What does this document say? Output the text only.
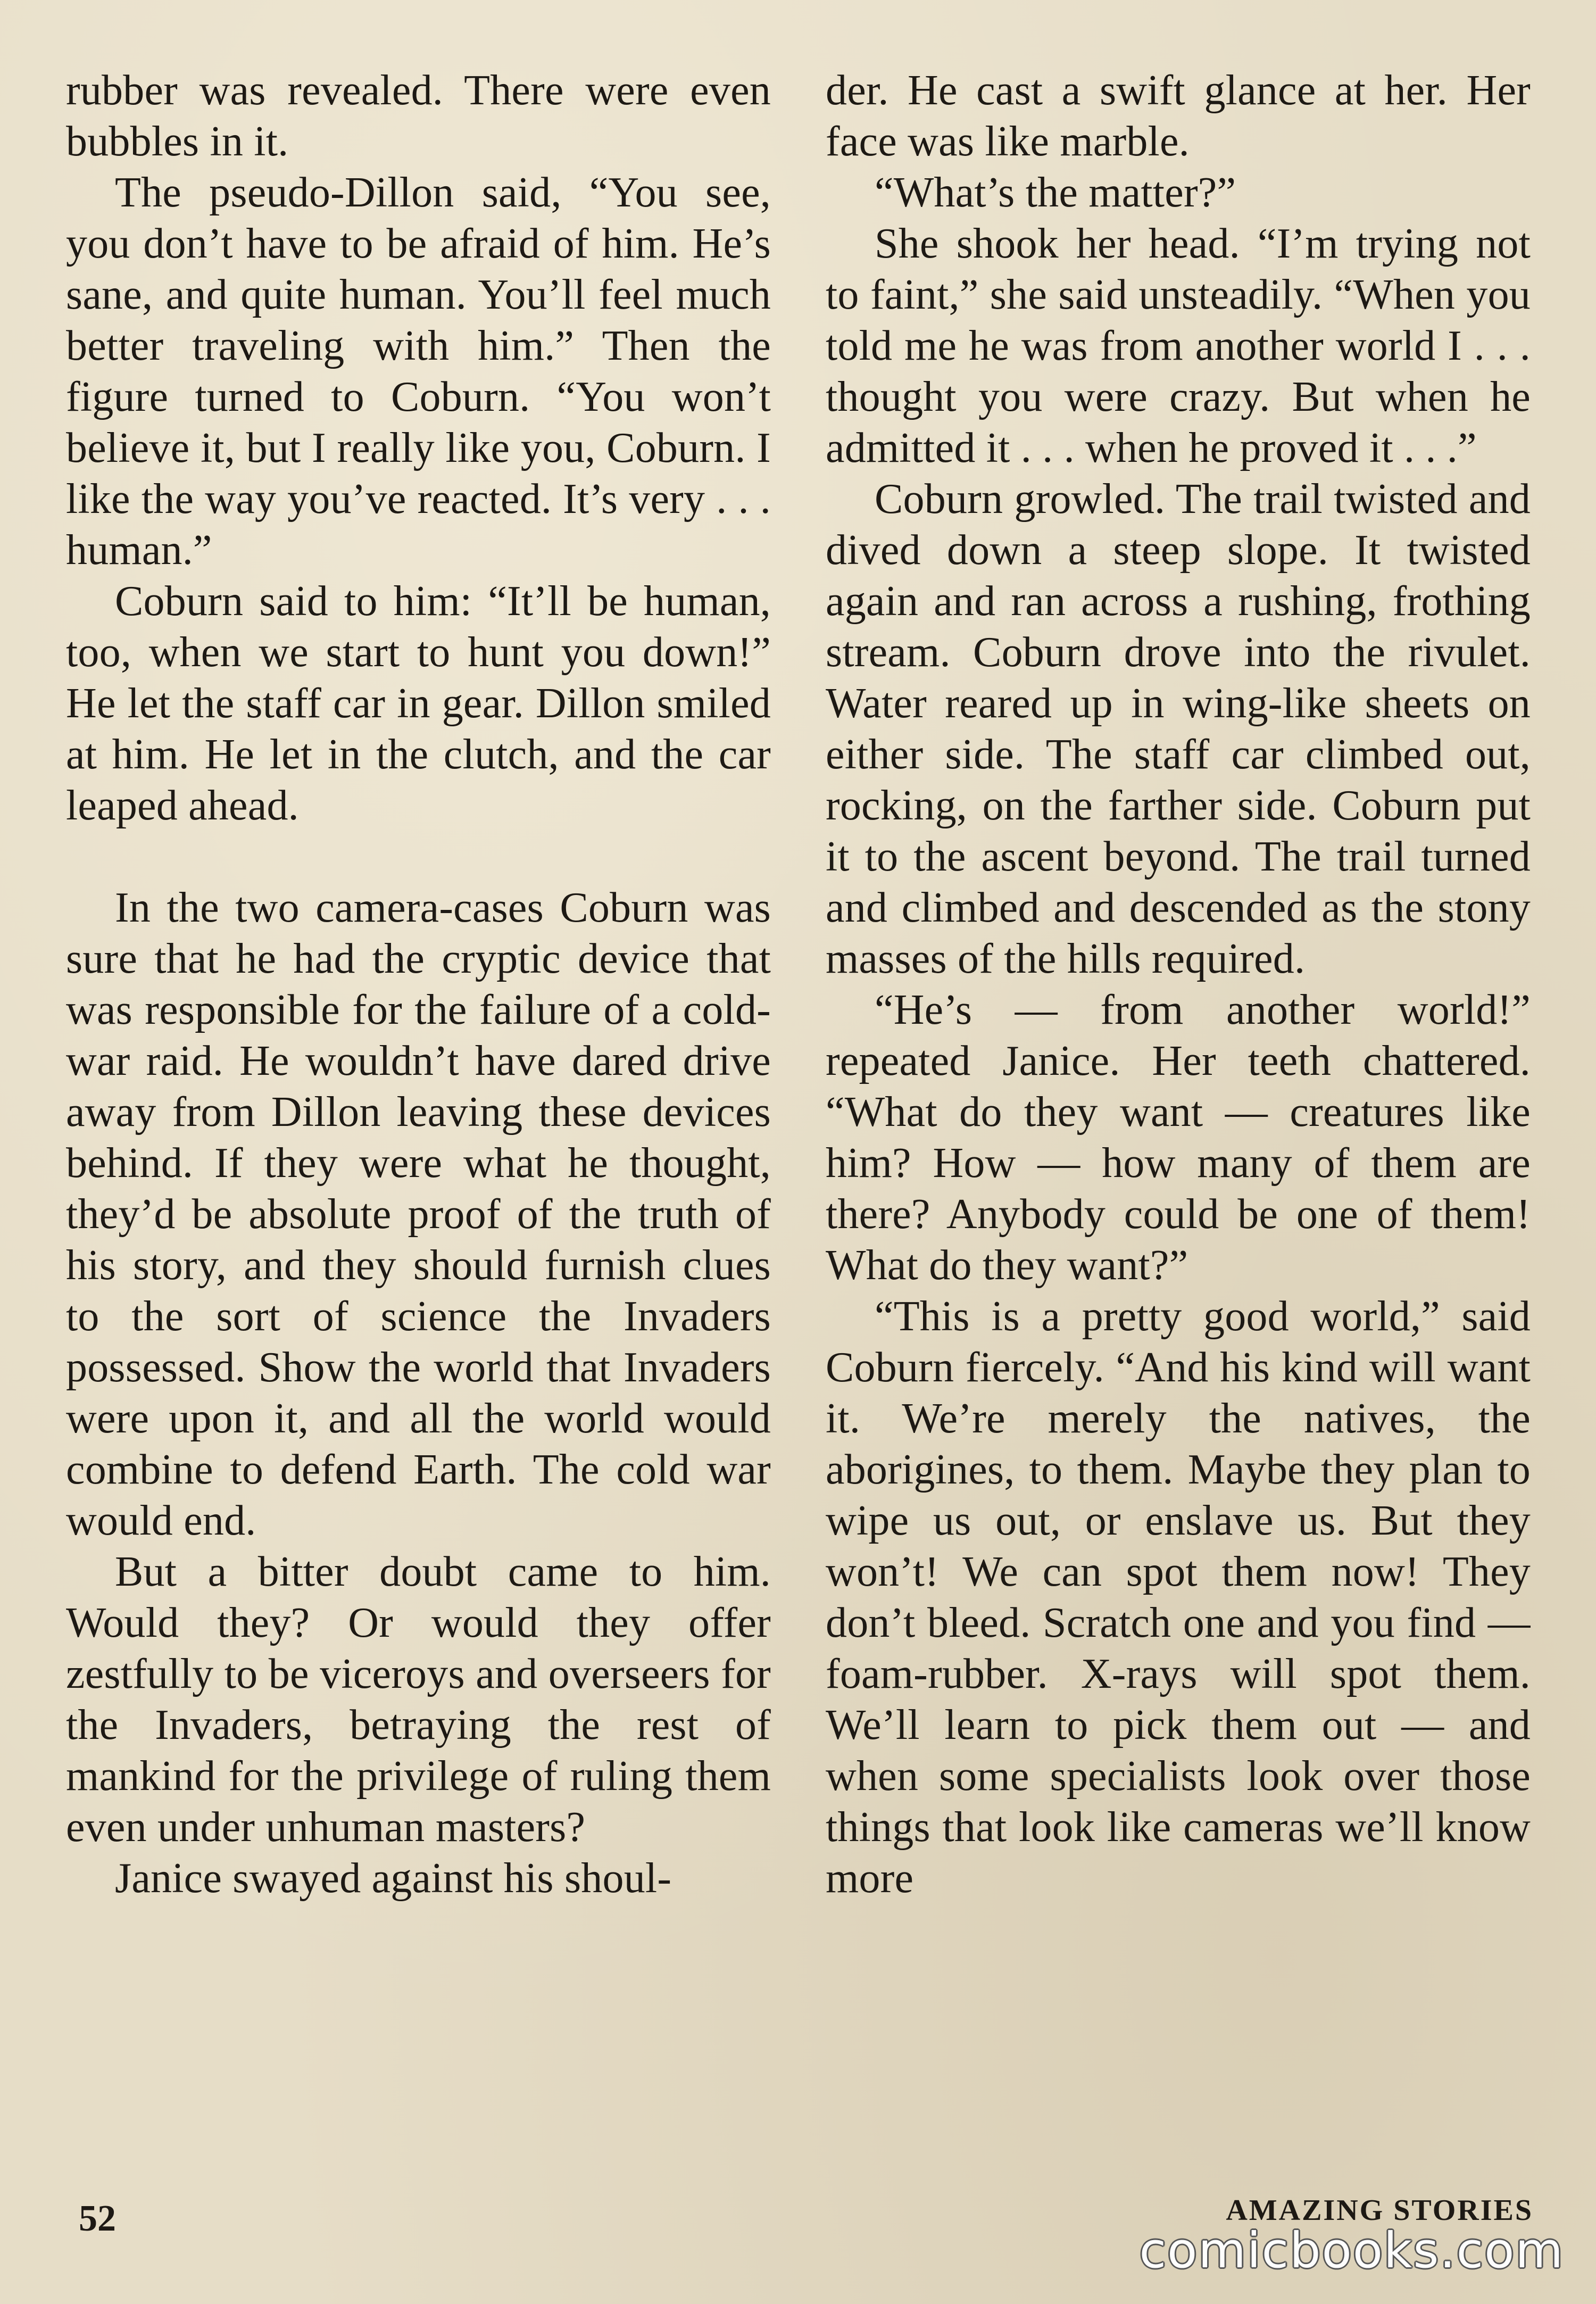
rubber was revealed. There were even bubbles in it.

The pseudo-Dillon said, “You see, you don’t have to be afraid of him. He’s sane, and quite human. You’ll feel much better traveling with him.” Then the figure turned to Coburn. “You won’t believe it, but I really like you, Coburn. I like the way you’ve reacted. It’s very . . . human.”

Coburn said to him: “It’ll be human, too, when we start to hunt you down!” He let the staff car in gear. Dillon smiled at him. He let in the clutch, and the car leaped ahead.

In the two camera-cases Coburn was sure that he had the cryptic device that was responsible for the failure of a cold-war raid. He wouldn’t have dared drive away from Dillon leaving these devices behind. If they were what he thought, they’d be absolute proof of the truth of his story, and they should furnish clues to the sort of science the Invaders possessed. Show the world that Invaders were upon it, and all the world would combine to defend Earth. The cold war would end.

But a bitter doubt came to him. Would they? Or would they offer zestfully to be viceroys and overseers for the Invaders, betraying the rest of mankind for the privilege of ruling them even under unhuman masters?

Janice swayed against his shoul-

der. He cast a swift glance at her. Her face was like marble.

“What’s the matter?”

She shook her head. “I’m trying not to faint,” she said unsteadily. “When you told me he was from another world I . . . thought you were crazy. But when he admitted it . . . when he proved it . . .”

Coburn growled. The trail twisted and dived down a steep slope. It twisted again and ran across a rushing, frothing stream. Coburn drove into the rivulet. Water reared up in wing-like sheets on either side. The staff car climbed out, rocking, on the farther side. Coburn put it to the ascent beyond. The trail turned and climbed and descended as the stony masses of the hills required.

“He’s — from another world!” repeated Janice. Her teeth chattered. “What do they want — creatures like him? How — how many of them are there? Anybody could be one of them! What do they want?”

“This is a pretty good world,” said Coburn fiercely. “And his kind will want it. We’re merely the natives, the aborigines, to them. Maybe they plan to wipe us out, or enslave us. But they won’t! We can spot them now! They don’t bleed. Scratch one and you find — foam-rubber. X-rays will spot them. We’ll learn to pick them out — and when some specialists look over those things that look like cameras we’ll know more

52	AMAZING STORIES
comicbooks.com
